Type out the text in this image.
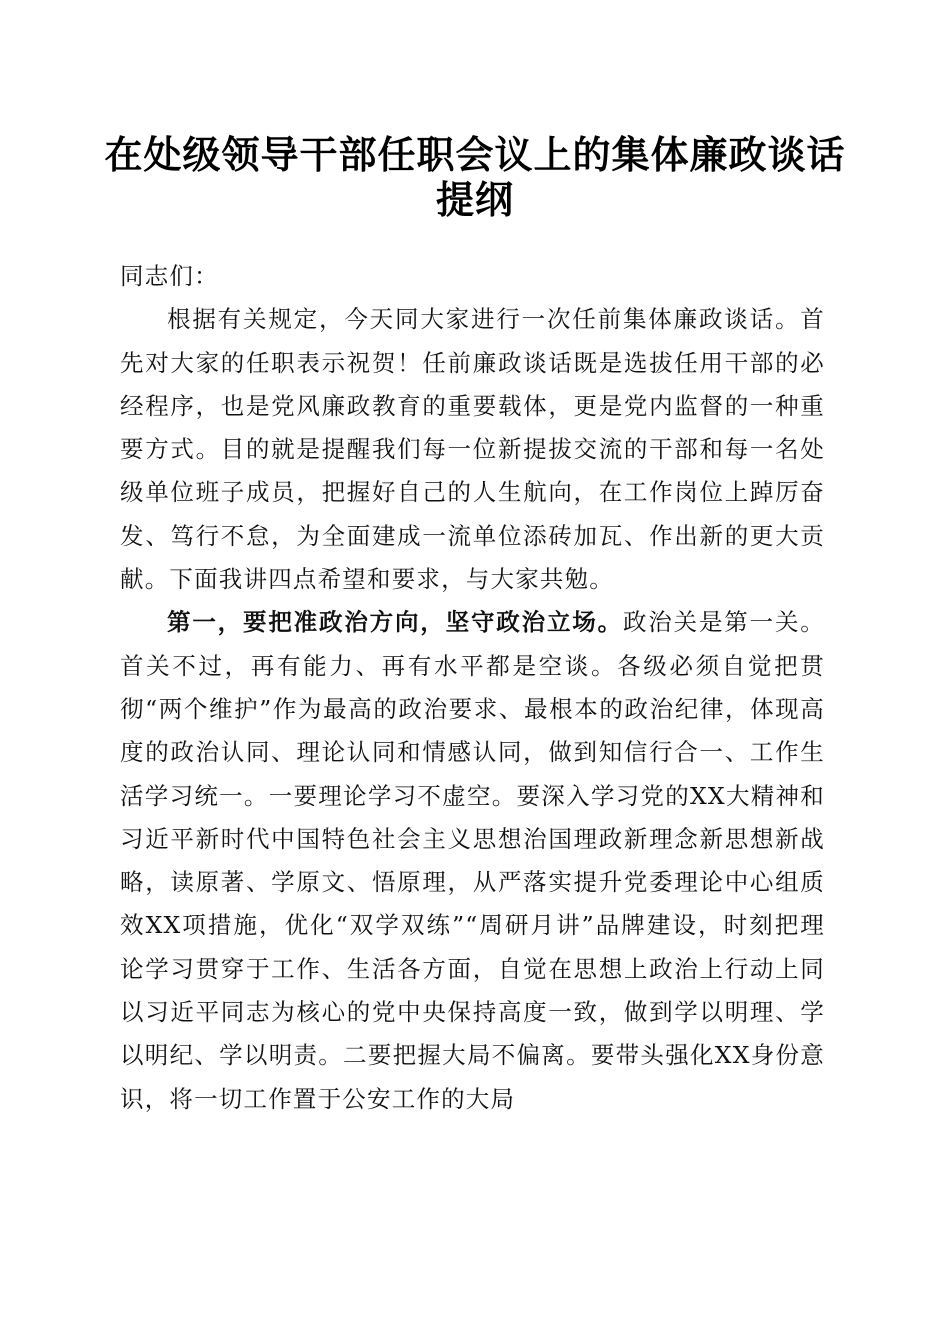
在处级领导干部任职会议上的集体廉政谈话提纲

同志们：

根据有关规定，今天同大家进行一次任前集体廉政谈话。首先对大家的任职表示祝贺！任前廉政谈话既是选拔任用干部的必经程序，也是党风廉政教育的重要载体，更是党内监督的一种重要方式。目的就是提醒我们每一位新提拔交流的干部和每一名处级单位班子成员，把握好自己的人生航向，在工作岗位上踔厉奋发、笃行不怠，为全面建成一流单位添砖加瓦、作出新的更大贡献。下面我讲四点希望和要求，与大家共勉。

第一，要把准政治方向，坚守政治立场。政治关是第一关。首关不过，再有能力、再有水平都是空谈。各级必须自觉把贯彻“两个维护”作为最高的政治要求、最根本的政治纪律，体现高度的政治认同、理论认同和情感认同，做到知信行合一、工作生活学习统一。一要理论学习不虚空。要深入学习党的XX大精神和习近平新时代中国特色社会主义思想治国理政新理念新思想新战略，读原著、学原文、悟原理，从严落实提升党委理论中心组质效XX项措施，优化“双学双练”“周研月讲”品牌建设，时刻把理论学习贯穿于工作、生活各方面，自觉在思想上政治上行动上同以习近平同志为核心的党中央保持高度一致，做到学以明理、学以明纪、学以明责。二要把握大局不偏离。要带头强化XX身份意识，将一切工作置于公安工作的大局
